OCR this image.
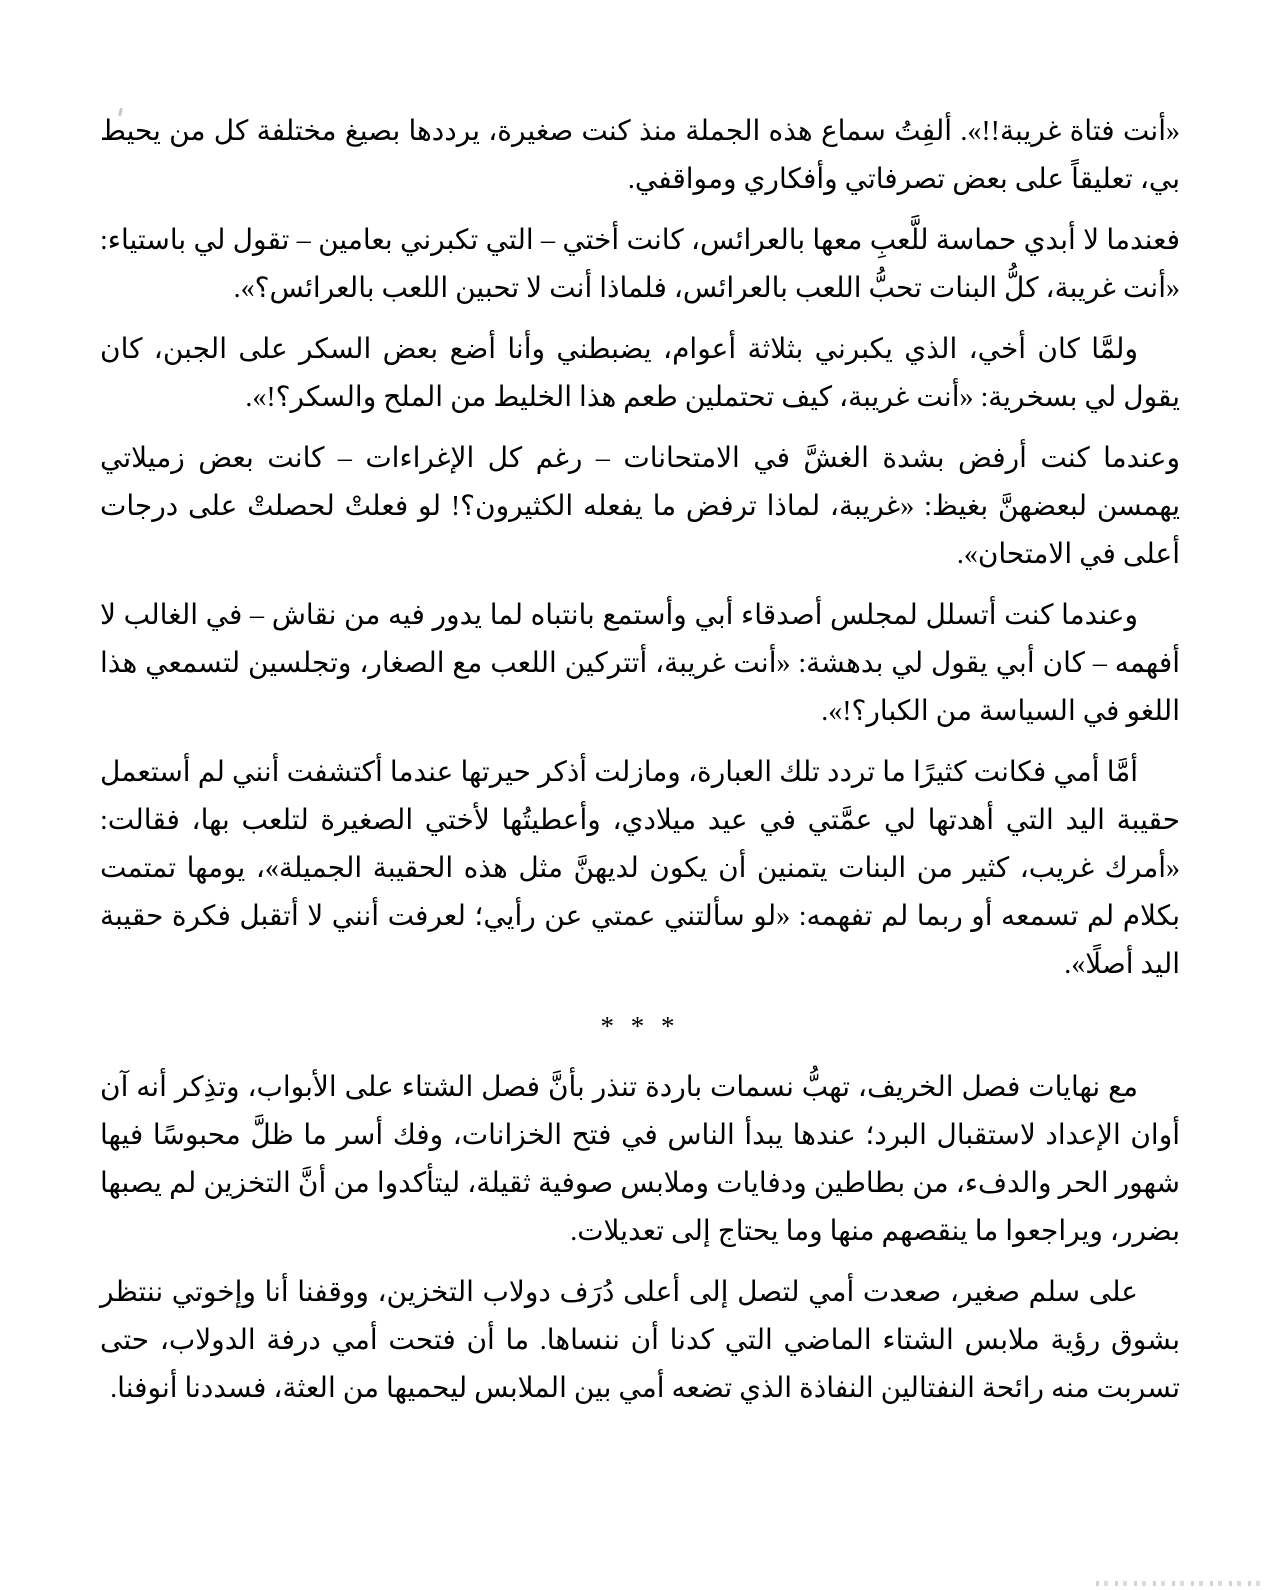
«أنت فتاة غريبة!!». ألفِتُ سماع هذه الجملة منذ كنت صغيرة، يرددها بصيغ مختلفة كل من يحيط بي، تعليقاً على بعض تصرفاتي وأفكاري ومواقفي.

فعندما لا أبدي حماسة للَّعبِ معها بالعرائس، كانت أختي – التي تكبرني بعامين – تقول لي باستياء: «أنت غريبة، كلُّ البنات تحبُّ اللعب بالعرائس، فلماذا أنت لا تحبين اللعب بالعرائس؟».

ولمَّا كان أخي، الذي يكبرني بثلاثة أعوام، يضبطني وأنا أضع بعض السكر على الجبن، كان يقول لي بسخرية: «أنت غريبة، كيف تحتملين طعم هذا الخليط من الملح والسكر؟!».

وعندما كنت أرفض بشدة الغشَّ في الامتحانات – رغم كل الإغراءات – كانت بعض زميلاتي يهمسن لبعضهنَّ بغيظ: «غريبة، لماذا ترفض ما يفعله الكثيرون؟! لو فعلتْ لحصلتْ على درجات أعلى في الامتحان».

وعندما كنت أتسلل لمجلس أصدقاء أبي وأستمع بانتباه لما يدور فيه من نقاش – في الغالب لا أفهمه – كان أبي يقول لي بدهشة: «أنت غريبة، أتتركين اللعب مع الصغار، وتجلسين لتسمعي هذا اللغو في السياسة من الكبار؟!».

أمَّا أمي فكانت كثيرًا ما تردد تلك العبارة، ومازلت أذكر حيرتها عندما أكتشفت أنني لم أستعمل حقيبة اليد التي أهدتها لي عمَّتي في عيد ميلادي، وأعطيتُها لأختي الصغيرة لتلعب بها، فقالت: «أمرك غريب، كثير من البنات يتمنين أن يكون لديهنَّ مثل هذه الحقيبة الجميلة»، يومها تمتمت بكلام لم تسمعه أو ربما لم تفهمه: «لو سألتني عمتي عن رأيي؛ لعرفت أنني لا أتقبل فكرة حقيبة اليد أصلًا».

* * *

مع نهايات فصل الخريف، تهبُّ نسمات باردة تنذر بأنَّ فصل الشتاء على الأبواب، وتذِكر أنه آن أوان الإعداد لاستقبال البرد؛ عندها يبدأ الناس في فتح الخزانات، وفك أسر ما ظلَّ محبوسًا فيها شهور الحر والدفء، من بطاطين ودفايات وملابس صوفية ثقيلة، ليتأكدوا من أنَّ التخزين لم يصبها بضرر، ويراجعوا ما ينقصهم منها وما يحتاج إلى تعديلات.

على سلم صغير، صعدت أمي لتصل إلى أعلى دُرَف دولاب التخزين، ووقفنا أنا وإخوتي ننتظر بشوق رؤية ملابس الشتاء الماضي التي كدنا أن ننساها. ما أن فتحت أمي درفة الدولاب، حتى تسربت منه رائحة النفتالين النفاذة الذي تضعه أمي بين الملابس ليحميها من العثة، فسددنا أنوفنا.
